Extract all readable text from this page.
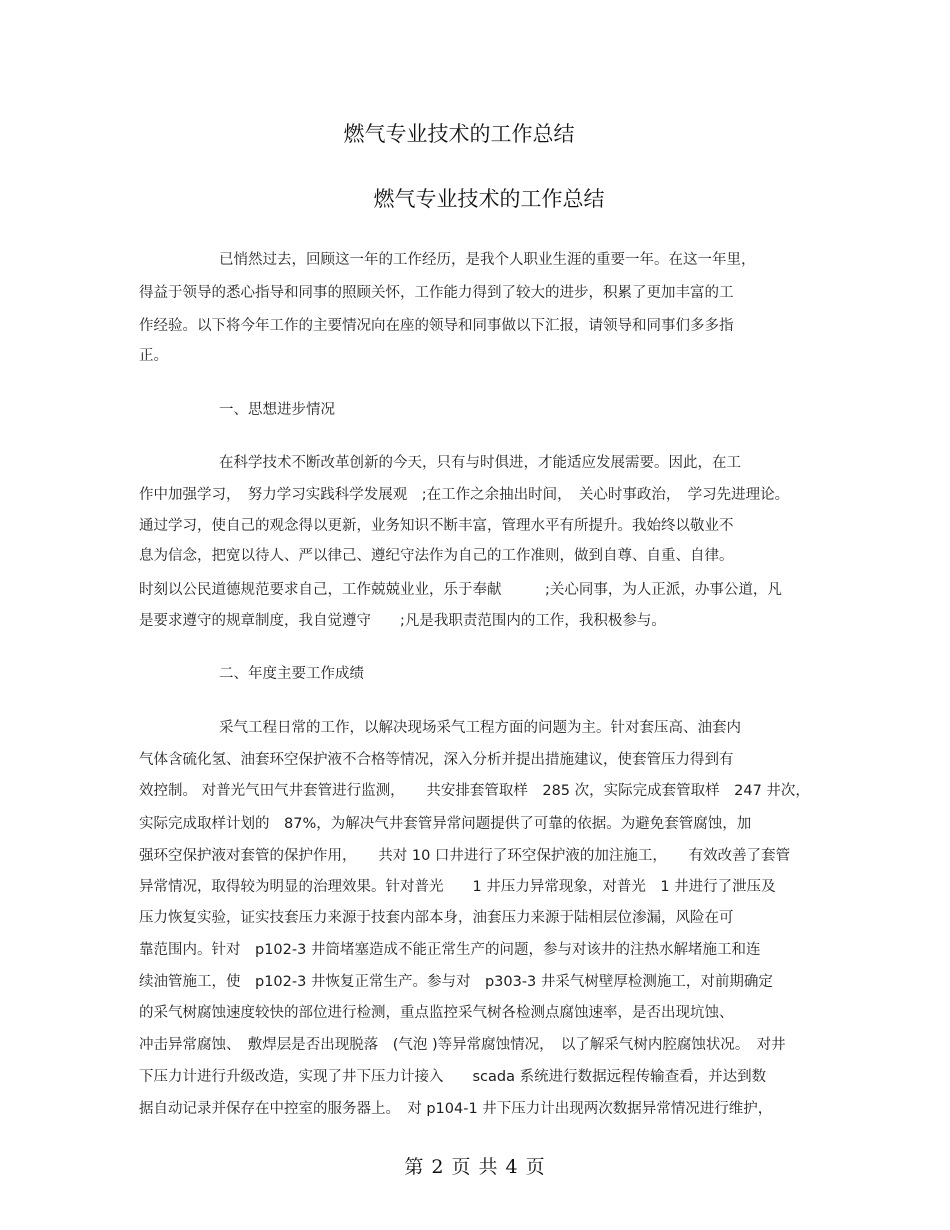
燃气专业技术的工作总结
燃气专业技术的工作总结
已悄然过去，回顾这一年的工作经历，是我个人职业生涯的重要一年。在这一年里，
得益于领导的悉心指导和同事的照顾关怀，工作能力得到了较大的进步，积累了更加丰富的工
作经验。以下将今年工作的主要情况向在座的领导和同事做以下汇报，请领导和同事们多多指
正。
一、思想进步情况
在科学技术不断改革创新的今天，只有与时俱进，才能适应发展需要。因此，在工
作中加强学习，　努力学习实践科学发展观　;在工作之余抽出时间，　关心时事政治，　学习先进理论。
通过学习，使自己的观念得以更新，业务知识不断丰富，管理水平有所提升。我始终以敬业不
息为信念，把宽以待人、严以律己、遵纪守法作为自己的工作准则，做到自尊、自重、自律。
时刻以公民道德规范要求自己，工作兢兢业业，乐于奉献　　　;关心同事，为人正派，办事公道，凡
是要求遵守的规章制度，我自觉遵守　　;凡是我职责范围内的工作，我积极参与。
二、年度主要工作成绩
采气工程日常的工作，以解决现场采气工程方面的问题为主。针对套压高、油套内
气体含硫化氢、油套环空保护液不合格等情况，深入分析并提出措施建议，使套管压力得到有
效控制。 对普光气田气井套管进行监测，　　共安排套管取样　285 次，实际完成套管取样　247 井次，
实际完成取样计划的　87%，为解决气井套管异常问题提供了可靠的依据。为避免套管腐蚀，加
强环空保护液对套管的保护作用，　　共对 10 口井进行了环空保护液的加注施工，　　有效改善了套管
异常情况，取得较为明显的治理效果。针对普光　　1 井压力异常现象，对普光　1 井进行了泄压及
压力恢复实验，证实技套压力来源于技套内部本身，油套压力来源于陆相层位渗漏，风险在可
靠范围内。针对　p102-3 井筒堵塞造成不能正常生产的问题，参与对该井的注热水解堵施工和连
续油管施工，使　p102-3 井恢复正常生产。参与对　p303-3 井采气树壁厚检测施工，对前期确定
的采气树腐蚀速度较快的部位进行检测，重点监控采气树各检测点腐蚀速率，是否出现坑蚀、
冲击异常腐蚀、　敷焊层是否出现脱落　(气泡 )等异常腐蚀情况，　以了解采气树内腔腐蚀状况。　对井
下压力计进行升级改造，实现了井下压力计接入　　scada 系统进行数据远程传输查看，并达到数
据自动记录并保存在中控室的服务器上。　对 p104-1 井下压力计出现两次数据异常情况进行维护，
第 2 页 共 4 页
